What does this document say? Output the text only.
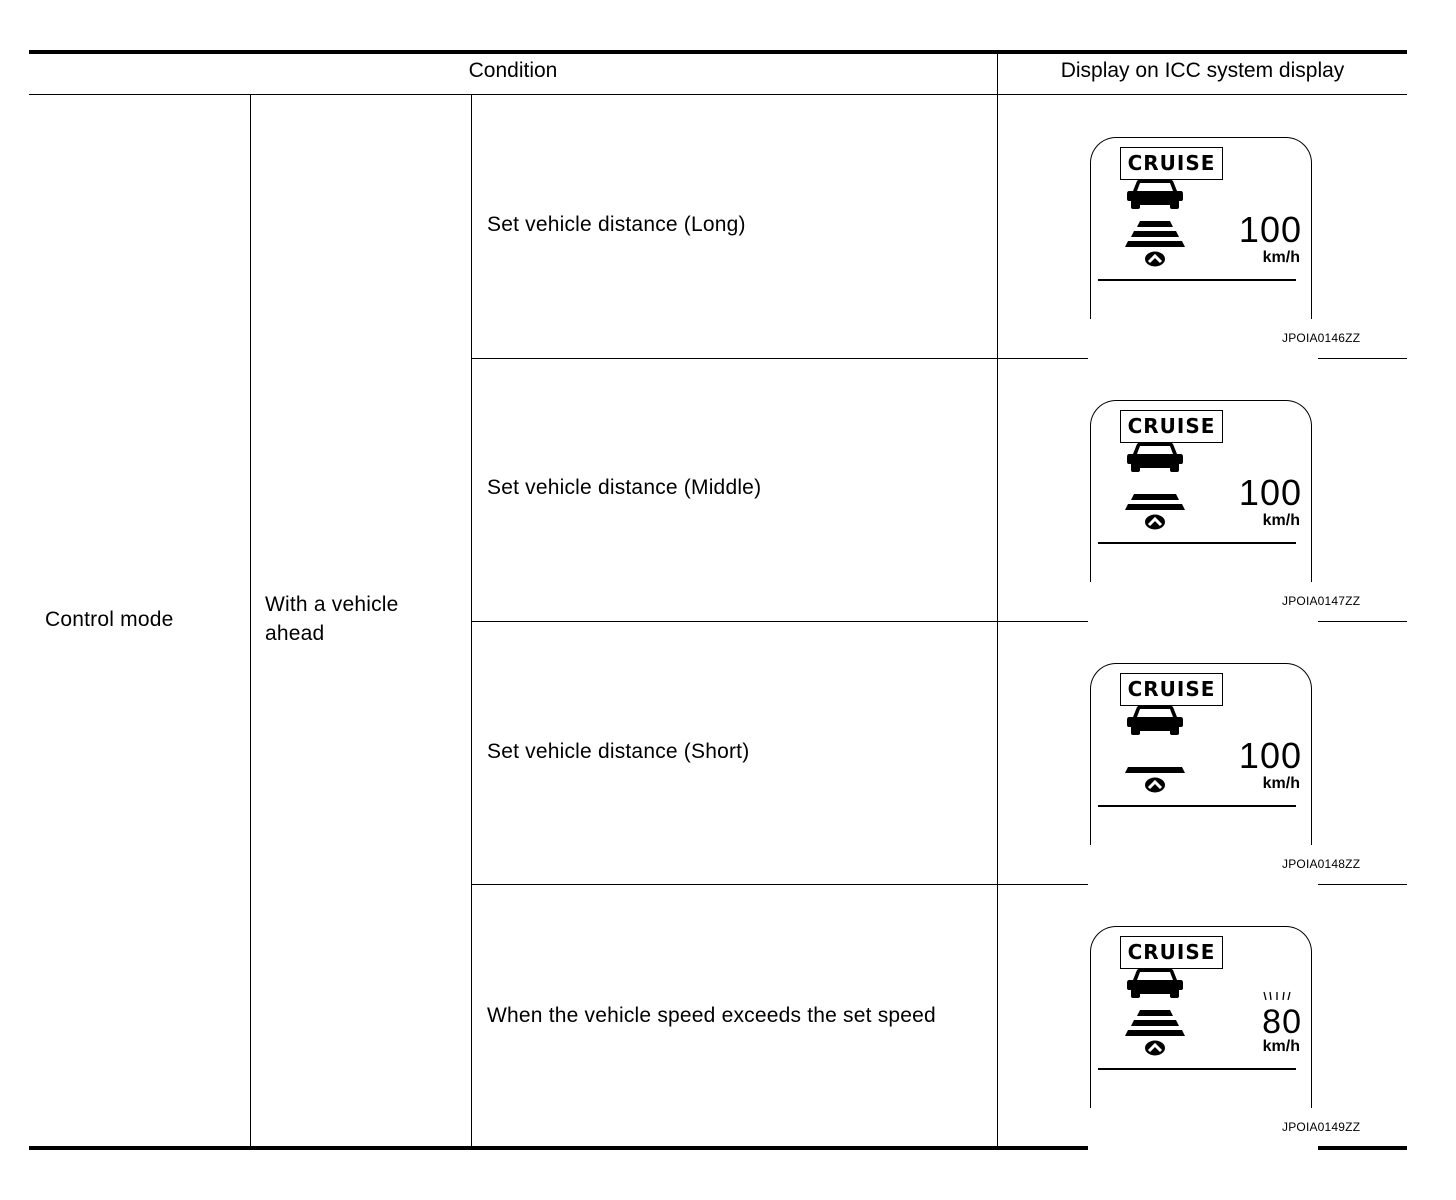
Condition	Display on ICC system display
Control mode
With a vehicle
ahead
Set vehicle distance (Long)
Set vehicle distance (Middle)
Set vehicle distance (Short)
When the vehicle speed exceeds the set speed
CRUISE
100
km/h
CRUISE
100
km/h
CRUISE
100
km/h
CRUISE
80
km/h
JPOIA0146ZZ
JPOIA0147ZZ
JPOIA0148ZZ
JPOIA0149ZZ
